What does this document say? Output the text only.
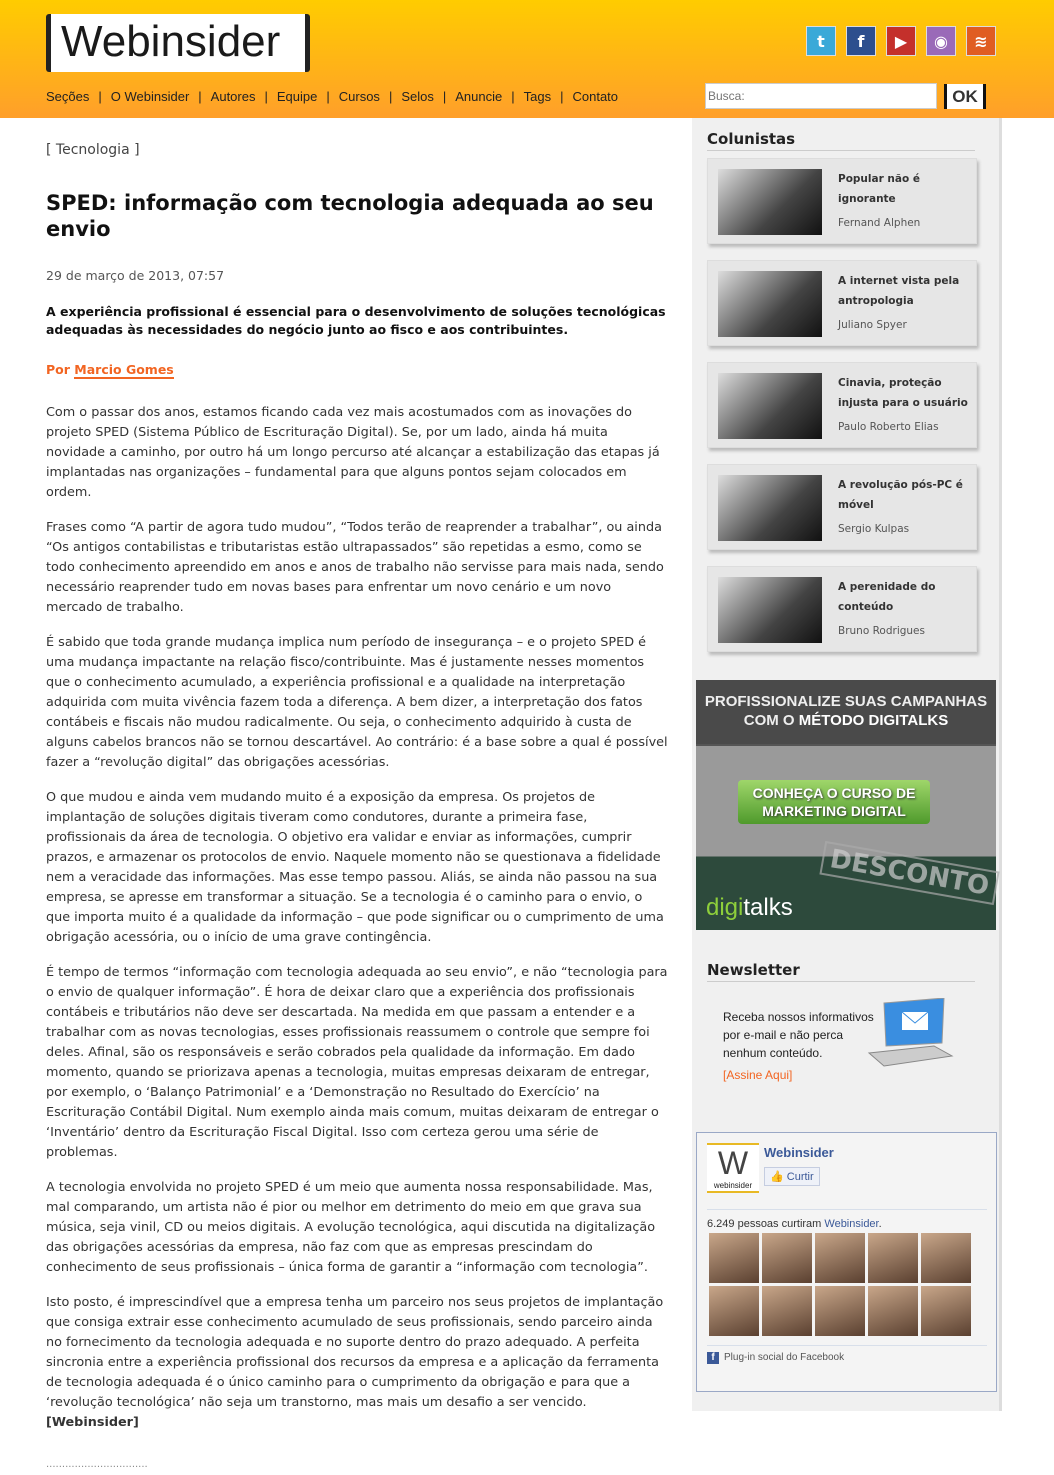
Webinsider	t	f	▶	◉	≋
Seções | O Webinsider | Autores | Equipe | Cursos | Selos | Anuncie | Tags | Contato
Busca:	OK
[ Tecnologia ]
SPED: informação com tecnologia adequada ao seu envio
29 de março de 2013, 07:57

A experiência profissional é essencial para o desenvolvimento de soluções tecnológicas adequadas às necessidades do negócio junto ao fisco e aos contribuintes.

Por Marcio Gomes

Com o passar dos anos, estamos ficando cada vez mais acostumados com as inovações do projeto SPED (Sistema Público de Escrituração Digital). Se, por um lado, ainda há muita novidade a caminho, por outro há um longo percurso até alcançar a estabilização das etapas já implantadas nas organizações – fundamental para que alguns pontos sejam colocados em ordem.

Frases como “A partir de agora tudo mudou”, “Todos terão de reaprender a trabalhar”, ou ainda “Os antigos contabilistas e tributaristas estão ultrapassados” são repetidas a esmo, como se todo conhecimento apreendido em anos e anos de trabalho não servisse para mais nada, sendo necessário reaprender tudo em novas bases para enfrentar um novo cenário e um novo mercado de trabalho.

É sabido que toda grande mudança implica num período de insegurança – e o projeto SPED é uma mudança impactante na relação fisco/contribuinte. Mas é justamente nesses momentos que o conhecimento acumulado, a experiência profissional e a qualidade na interpretação adquirida com muita vivência fazem toda a diferença. A bem dizer, a interpretação dos fatos contábeis e fiscais não mudou radicalmente. Ou seja, o conhecimento adquirido à custa de alguns cabelos brancos não se tornou descartável. Ao contrário: é a base sobre a qual é possível fazer a “revolução digital” das obrigações acessórias.

O que mudou e ainda vem mudando muito é a exposição da empresa. Os projetos de implantação de soluções digitais tiveram como condutores, durante a primeira fase, profissionais da área de tecnologia. O objetivo era validar e enviar as informações, cumprir prazos, e armazenar os protocolos de envio. Naquele momento não se questionava a fidelidade nem a veracidade das informações. Mas esse tempo passou. Aliás, se ainda não passou na sua empresa, se apresse em transformar a situação. Se a tecnologia é o caminho para o envio, o que importa muito é a qualidade da informação – que pode significar ou o cumprimento de uma obrigação acessória, ou o início de uma grave contingência.

É tempo de termos “informação com tecnologia adequada ao seu envio”, e não “tecnologia para o envio de qualquer informação”. É hora de deixar claro que a experiência dos profissionais contábeis e tributários não deve ser descartada. Na medida em que passam a entender e a trabalhar com as novas tecnologias, esses profissionais reassumem o controle que sempre foi deles. Afinal, são os responsáveis e serão cobrados pela qualidade da informação. Em dado momento, quando se priorizava apenas a tecnologia, muitas empresas deixaram de entregar, por exemplo, o ‘Balanço Patrimonial’ e a ‘Demonstração no Resultado do Exercício’ na Escrituração Contábil Digital. Num exemplo ainda mais comum, muitas deixaram de entregar o ‘Inventário’ dentro da Escrituração Fiscal Digital. Isso com certeza gerou uma série de problemas.

A tecnologia envolvida no projeto SPED é um meio que aumenta nossa responsabilidade. Mas, mal comparando, um artista não é pior ou melhor em detrimento do meio em que grava sua música, seja vinil, CD ou meios digitais. A evolução tecnológica, aqui discutida na digitalização das obrigações acessórias da empresa, não faz com que as empresas prescindam do conhecimento de seus profissionais – única forma de garantir a “informação com tecnologia”.

Isto posto, é imprescindível que a empresa tenha um parceiro nos seus projetos de implantação que consiga extrair esse conhecimento acumulado de seus profissionais, sendo parceiro ainda no fornecimento da tecnologia adequada e no suporte dentro do prazo adequado. A perfeita sincronia entre a experiência profissional dos recursos da empresa e a aplicação da ferramenta de tecnologia adequada é o único caminho para o cumprimento da obrigação e para que a ‘revolução tecnológica’ não seja um transtorno, mas mais um desafio a ser vencido. [Webinsider]

................................
Colunistas
Popular não é ignorante
Fernand Alphen
A internet vista pela antropologia
Juliano Spyer
Cinavia, proteção injusta para o usuário
Paulo Roberto Elias
A revolução pós-PC é móvel
Sergio Kulpas
A perenidade do conteúdo
Bruno Rodrigues
PROFISSIONALIZE SUAS CAMPANHAS
COM O MÉTODO DIGITALKS
CONHEÇA O CURSO DE MARKETING DIGITAL
DESCONTO
digitalks
Newsletter
Receba nossos informativos por e-mail e não perca nenhum conteúdo.
[Assine Aqui]
W
webinsider
Webinsider
👍 Curtir
6.249 pessoas curtiram Webinsider.
f Plug-in social do Facebook
